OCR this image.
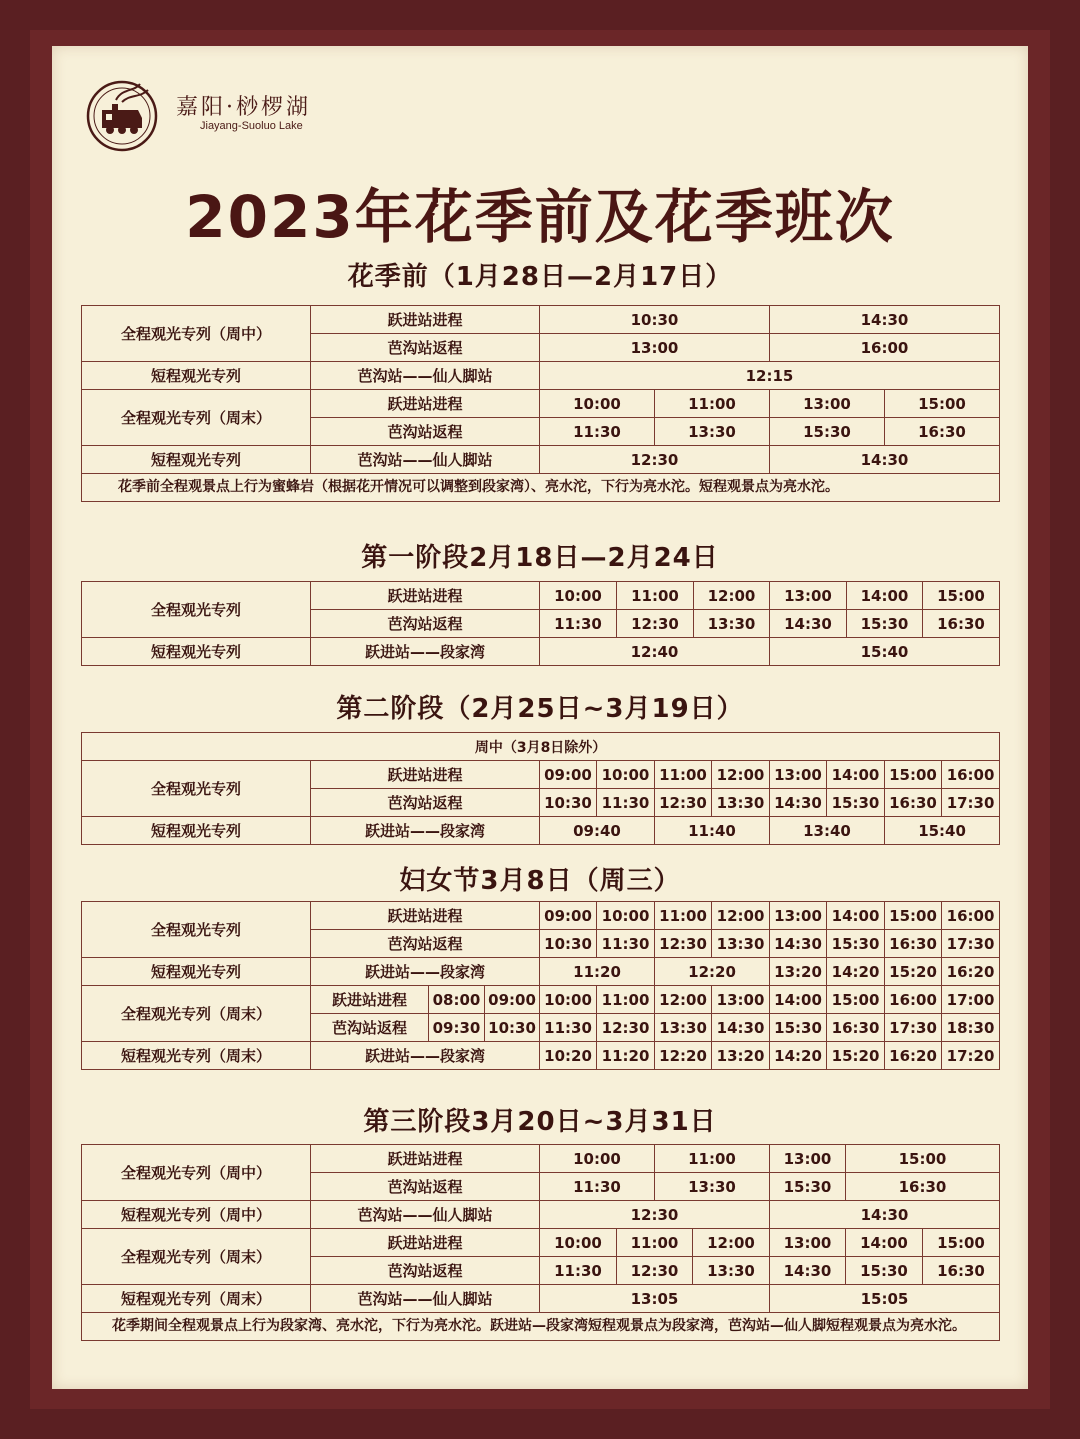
嘉阳·桫椤湖
Jiayang-Suoluo Lake
2023年花季前及花季班次
花季前（1月28日—2月17日）
全程观光专列（周中）	跃进站进程	10:30		14:30	
	芭沟站返程	13:00		16:00	
短程观光专列	芭沟站——仙人脚站	12:15			
全程观光专列（周末）	跃进站进程	10:00	11:00	13:00	15:00
	芭沟站返程	11:30	13:30	15:30	16:30
短程观光专列	芭沟站——仙人脚站	12:30		14:30	
花季前全程观景点上行为蜜蜂岩（根据花开情况可以调整到段家湾）、亮水沱，下行为亮水沱。短程观景点为亮水沱。					
第一阶段2月18日—2月24日
全程观光专列	跃进站进程	10:00	11:00	12:00	13:00	14:00	15:00
	芭沟站返程	11:30	12:30	13:30	14:30	15:30	16:30
短程观光专列	跃进站——段家湾	12:40			15:40		
第二阶段（2月25日~3月19日）
周中（3月8日除外）									
全程观光专列	跃进站进程	09:00	10:00	11:00	12:00	13:00	14:00	15:00	16:00
	芭沟站返程	10:30	11:30	12:30	13:30	14:30	15:30	16:30	17:30
短程观光专列	跃进站——段家湾	09:40		11:40		13:40		15:40	
妇女节3月8日（周三）
全程观光专列	跃进站进程			09:00	10:00	11:00	12:00	13:00	14:00	15:00	16:00
	芭沟站返程			10:30	11:30	12:30	13:30	14:30	15:30	16:30	17:30
短程观光专列	跃进站——段家湾			11:20		12:20		13:20	14:20	15:20	16:20
全程观光专列（周末）	跃进站进程	08:00	09:00	10:00	11:00	12:00	13:00	14:00	15:00	16:00	17:00
	芭沟站返程	09:30	10:30	11:30	12:30	13:30	14:30	15:30	16:30	17:30	18:30
短程观光专列（周末）	跃进站——段家湾			10:20	11:20	12:20	13:20	14:20	15:20	16:20	17:20
第三阶段3月20日~3月31日
全程观光专列（周中）	跃进站进程	10:00		11:00		13:00	15:00	
	芭沟站返程	11:30		13:30		15:30	16:30	
短程观光专列（周中）	芭沟站——仙人脚站	12:30				14:30		
全程观光专列（周末）	跃进站进程	10:00	11:00		12:00	13:00	14:00	15:00
	芭沟站返程	11:30	12:30		13:30	14:30	15:30	16:30
短程观光专列（周末）	芭沟站——仙人脚站	13:05				15:05		
花季期间全程观景点上行为段家湾、亮水沱，下行为亮水沱。跃进站—段家湾短程观景点为段家湾，芭沟站—仙人脚短程观景点为亮水沱。								
